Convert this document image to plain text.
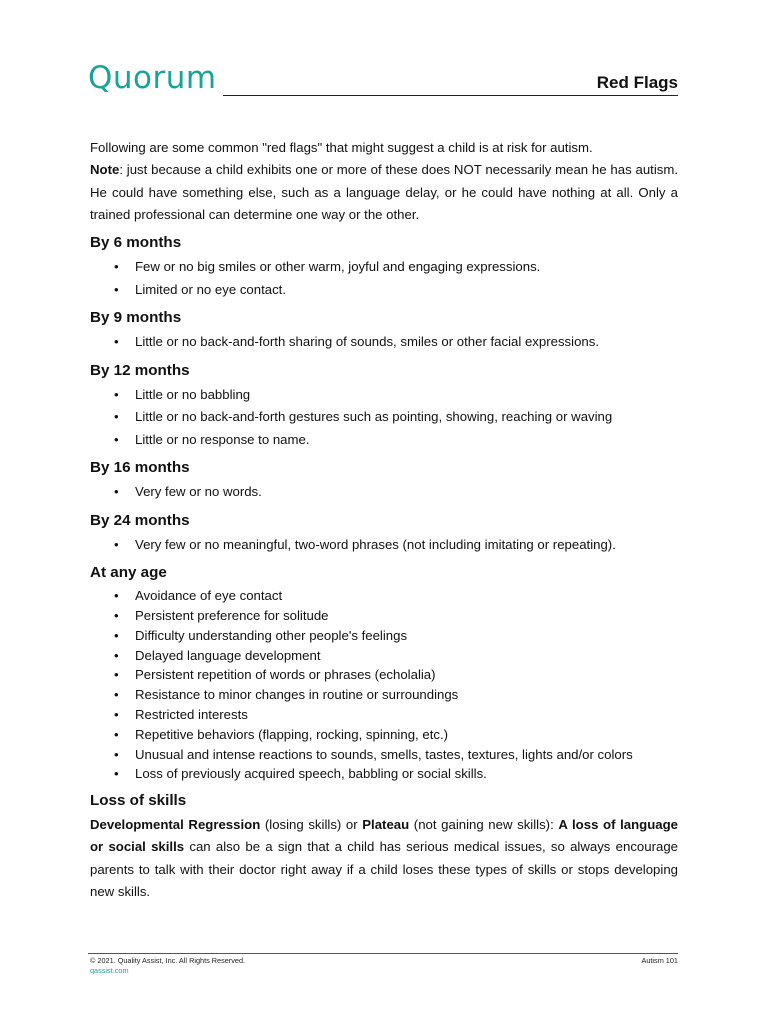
Quorum	Red Flags

Following are some common "red flags" that might suggest a child is at risk for autism.

Note: just because a child exhibits one or more of these does NOT necessarily mean he has autism. He could have something else, such as a language delay, or he could have nothing at all. Only a trained professional can determine one way or the other.

By 6 months
• Few or no big smiles or other warm, joyful and engaging expressions.
• Limited or no eye contact.
By 9 months
• Little or no back-and-forth sharing of sounds, smiles or other facial expressions.
By 12 months
• Little or no babbling
• Little or no back-and-forth gestures such as pointing, showing, reaching or waving
• Little or no response to name.
By 16 months
• Very few or no words.
By 24 months
• Very few or no meaningful, two-word phrases (not including imitating or repeating).
At any age
• Avoidance of eye contact
• Persistent preference for solitude
• Difficulty understanding other people's feelings
• Delayed language development
• Persistent repetition of words or phrases (echolalia)
• Resistance to minor changes in routine or surroundings
• Restricted interests
• Repetitive behaviors (flapping, rocking, spinning, etc.)
• Unusual and intense reactions to sounds, smells, tastes, textures, lights and/or colors
• Loss of previously acquired speech, babbling or social skills.
Loss of skills

Developmental Regression (losing skills) or Plateau (not gaining new skills): A loss of language or social skills can also be a sign that a child has serious medical issues, so always encourage parents to talk with their doctor right away if a child loses these types of skills or stops developing new skills.

© 2021. Quality Assist, Inc. All Rights Reserved.
qassist.com
Autism 101
